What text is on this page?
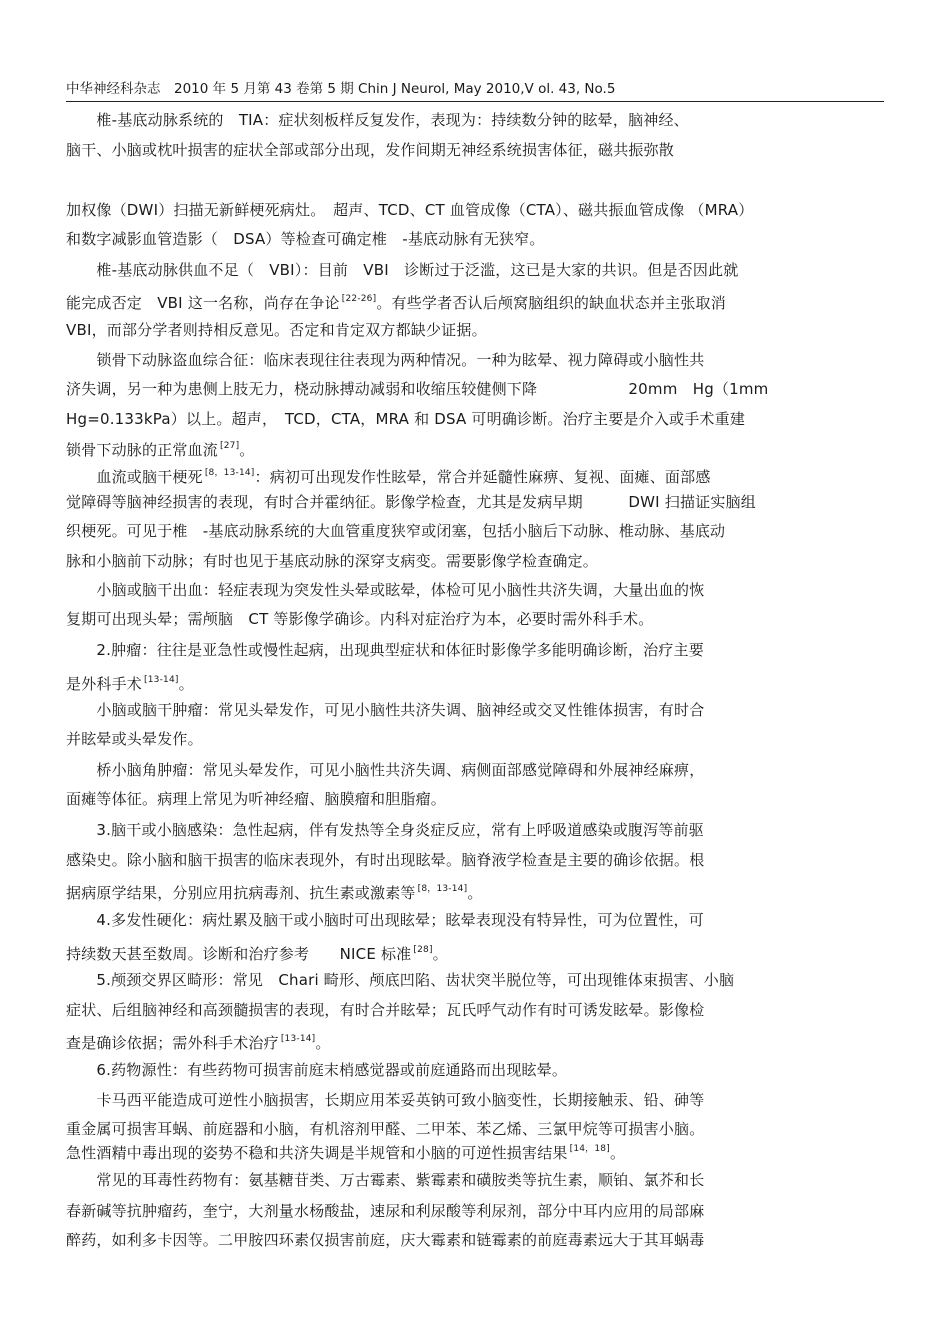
中华神经科杂志　2010 年 5 月第 43 卷第 5 期 Chin J Neurol, May 2010,V ol. 43, No.5
　　椎-基底动脉系统的　TIA：症状刻板样反复发作，表现为：持续数分钟的眩晕，脑神经、
脑干、小脑或枕叶损害的症状全部或部分出现，发作间期无神经系统损害体征，磁共振弥散
加权像（DWI）扫描无新鲜梗死病灶。　超声、TCD、CT 血管成像（CTA）、磁共振血管成像 （MRA）
和数字减影血管造影（　DSA）等检查可确定椎　-基底动脉有无狭窄。
　　椎-基底动脉供血不足（　VBI）：目前　VBI　诊断过于泛滥，这已是大家的共识。但是否因此就
能完成否定　VBI 这一名称，尚存在争论 [22-26]。有些学者否认后颅窝脑组织的缺血状态并主张取消
VBI，而部分学者则持相反意见。否定和肯定双方都缺少证据。
　　锁骨下动脉盗血综合征：临床表现往往表现为两种情况。一种为眩晕、视力障碍或小脑性共
济失调，另一种为患侧上肢无力，桡动脉搏动减弱和收缩压较健侧下降　　　　　　20mm　Hg（1mm
Hg=0.133kPa）以上。超声，　TCD，CTA，MRA 和 DSA 可明确诊断。治疗主要是介入或手术重建
锁骨下动脉的正常血流 [27]。
　　血流或脑干梗死 [8，13-14]：病初可出现发作性眩晕，常合并延髓性麻痹、复视、面瘫、面部感
觉障碍等脑神经损害的表现，有时合并霍纳征。影像学检查，尤其是发病早期　　　DWI 扫描证实脑组
织梗死。可见于椎　-基底动脉系统的大血管重度狭窄或闭塞，包括小脑后下动脉、椎动脉、基底动
脉和小脑前下动脉；有时也见于基底动脉的深穿支病变。需要影像学检查确定。
　　小脑或脑干出血：轻症表现为突发性头晕或眩晕，体检可见小脑性共济失调，大量出血的恢
复期可出现头晕；需颅脑　CT 等影像学确诊。内科对症治疗为本，必要时需外科手术。
　　2.肿瘤：往往是亚急性或慢性起病，出现典型症状和体征时影像学多能明确诊断，治疗主要
是外科手术 [13-14]。
　　小脑或脑干肿瘤：常见头晕发作，可见小脑性共济失调、脑神经或交叉性锥体损害，有时合
并眩晕或头晕发作。
　　桥小脑角肿瘤：常见头晕发作，可见小脑性共济失调、病侧面部感觉障碍和外展神经麻痹，
面瘫等体征。病理上常见为听神经瘤、脑膜瘤和胆脂瘤。
　　3.脑干或小脑感染：急性起病，伴有发热等全身炎症反应，常有上呼吸道感染或腹泻等前驱
感染史。除小脑和脑干损害的临床表现外，有时出现眩晕。脑脊液学检查是主要的确诊依据。根
据病原学结果，分别应用抗病毒剂、抗生素或激素等 [8，13-14]。
　　4.多发性硬化：病灶累及脑干或小脑时可出现眩晕；眩晕表现没有特异性，可为位置性，可
持续数天甚至数周。诊断和治疗参考　　NICE 标准 [28]。
　　5.颅颈交界区畸形：常见　Chari 畸形、颅底凹陷、齿状突半脱位等，可出现锥体束损害、小脑
症状、后组脑神经和高颈髓损害的表现，有时合并眩晕；瓦氏呼气动作有时可诱发眩晕。影像检
查是确诊依据；需外科手术治疗 [13-14]。
　　6.药物源性：有些药物可损害前庭末梢感觉器或前庭通路而出现眩晕。
　　卡马西平能造成可逆性小脑损害，长期应用苯妥英钠可致小脑变性，长期接触汞、铅、砷等
重金属可损害耳蜗、前庭器和小脑，有机溶剂甲醛、二甲苯、苯乙烯、三氯甲烷等可损害小脑。
急性酒精中毒出现的姿势不稳和共济失调是半规管和小脑的可逆性损害结果 [14，18]。
　　常见的耳毒性药物有：氨基糖苷类、万古霉素、紫霉素和磺胺类等抗生素，顺铂、氯芥和长
春新碱等抗肿瘤药，奎宁，大剂量水杨酸盐，速尿和利尿酸等利尿剂，部分中耳内应用的局部麻
醉药，如利多卡因等。二甲胺四环素仅损害前庭，庆大霉素和链霉素的前庭毒素远大于其耳蜗毒
